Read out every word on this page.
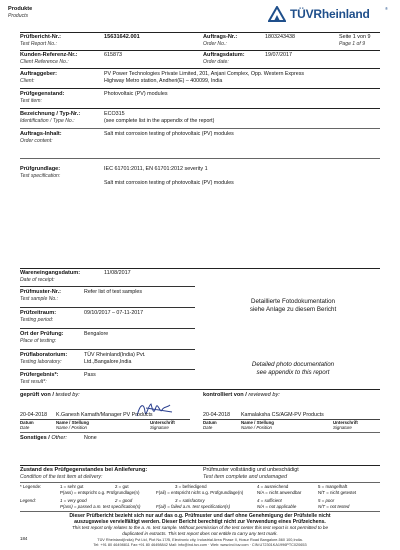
Produkte
Products	TÜVRheinland	®
Prüfbericht-Nr.:
Test Report No.:
15631642.001	Auftrags-Nr.:
Order No.:
1803243438	Seite 1 von 9
Page 1 of 9
Kunden-Referenz-Nr.:
Client Reference No.:
615873	Auftragsdatum:
Order date:
19/07/2017
Auftraggeber:
Client:
PV Power Technologies Private Limited, 201, Anjani Complex, Opp. Western Express
Highway Metro station, Andheri(E) – 400099, India
Prüfgegenstand:
Test item:
Photovoltaic (PV) modules
Bezeichnung / Typ-Nr.:
Identification / Type No.:
ECO315
(see complete list in the appendix of the report)
Auftrags-Inhalt:
Order content:
Salt mist corrosion testing of photovoltaic (PV) modules
Prüfgrundlage:
Test specification:
IEC 61701:2011, EN 61701:2012 severity 1
Salt mist corrosion testing of photovoltaic (PV) modules
Wareneingangsdatum:
Date of receipt:
11/08/2017
Prüfmuster-Nr.:
Test sample No.:
Refer list of test samples
Prüfzeitraum:
Testing period:
09/10/2017 – 07-11-2017
Ort der Prüfung:
Place of testing:
Bengalore
Prüflaboratorium:
Testing laboratory:
TÜV Rheinland(India) Pvt.
Ltd.,Bangalore,India
Prüfergebnis*:
Test result*:
Pass
Detaillierte Fotodokumentation
siehe Anlage zu diesem Bericht
Detailed photo documentation
see appendix to this report
geprüft von / tested by:	kontrolliert von / reviewed by:
20-04-2018 K.Ganesh Kamath/Manager PV Products
Datum
Date
Name / Stellung
Name / Position
Unterschrift
Signature
20-04-2018 Kamalaksha CS/AGM-PV Products
Datum
Date
Name / Stellung
Name / Position
Unterschrift
Signature
Sonstiges / Other:	None
Zustand des Prüfgegenstandes bei Anlieferung:
Condition of the test item at delivery:
Prüfmuster vollständig und unbeschädigt
Test item complete and undamaged
* Legende:	1 = sehr gut	2 = gut	3 = befriedigend	4 = ausreichend	5 = mangelhaft
P(ass) = entspricht o.g. Prüfgrundlage(n)	F(ail) = entspricht nicht o.g. Prüfgrundlage(n)	N/A = nicht anwendbar	N/T = nicht getestet
Legend:	1 = very good	2 = good	3 = satisfactory	4 = sufficient	5 = poor
P(ass) = passed a.m. test specification(s)	F(ail) = failed a.m. test specification(s)	N/A = not applicable	N/T = not tested
Dieser Prüfbericht bezieht sich nur auf das o.g. Prüfmuster und darf ohne Genehmigung der Prüfstelle nicht
auszugsweise vervielfältigt werden. Dieser Bericht berechtigt nicht zur Verwendung eines Prüfzeichens.
This test report only relates to the a. m. test sample. Without permission of the test center this test report is not permitted to be
duplicated in extracts. This test report does not entitle to carry any test mark.
184	TÜV Rheinland(India) Pvt Ltd, Plot No.17/B, Electronic city, Industrial Area Phase II, Hosur Road Bangalore-560 100,India.
Tel: +91 80 46498811 Fax:+91 80 46498842 Mail: info@ind.tuv.com · Web: www.ind.tuv.com · CIN:U72301KA1996PTC020653
